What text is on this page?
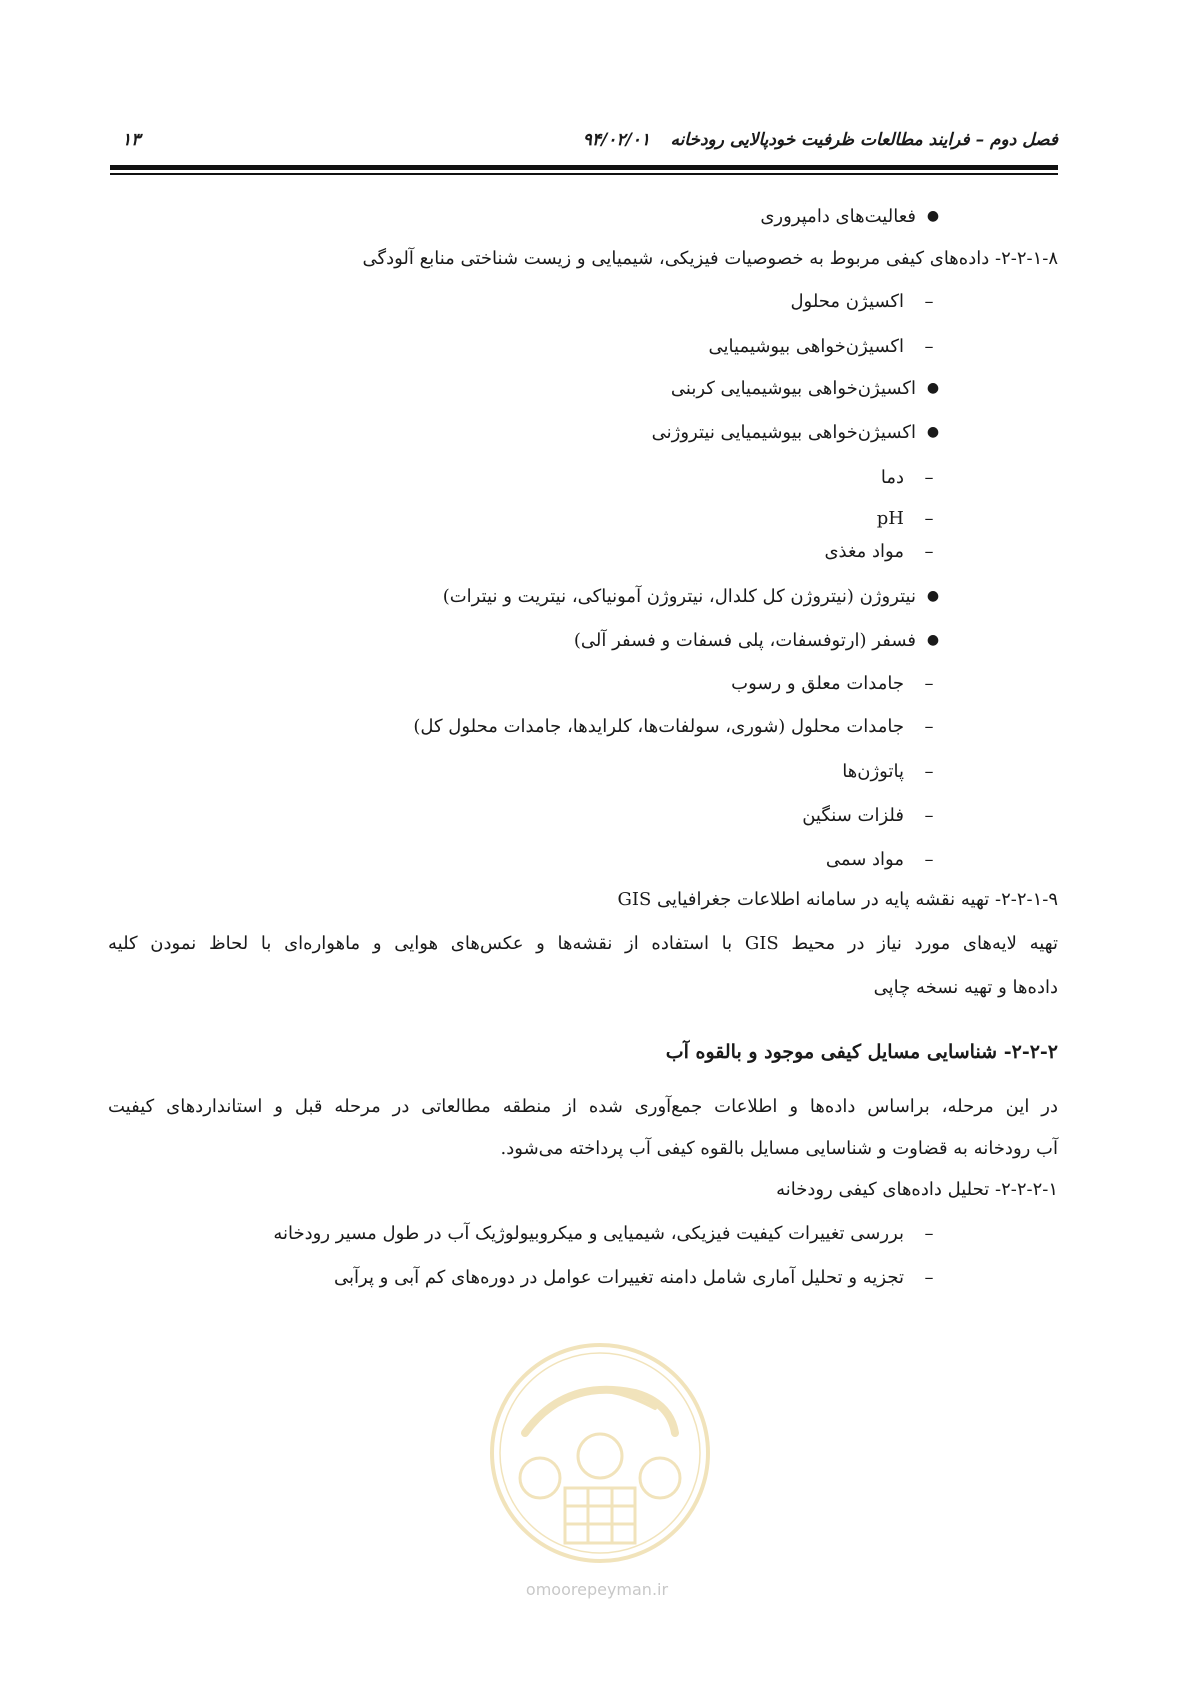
فصل دوم – فرایند مطالعات ظرفیت خودپالایی رودخانه
۹۴/۰۲/۰۱
۱۳
●فعالیت‌های دامپروری
۲-۲-۱-۸- داده‌های کیفی مربوط به خصوصیات فیزیکی، شیمیایی و زیست شناختی منابع آلودگی
–اکسیژن محلول
–اکسیژن‌خواهی بیوشیمیایی
●اکسیژن‌خواهی بیوشیمیایی کربنی
●اکسیژن‌خواهی بیوشیمیایی نیتروژنی
–دما
–pH
–مواد مغذی
●نیتروژن (نیتروژن کل کلدال، نیتروژن آمونیاکی، نیتریت و نیترات)
●فسفر (ارتوفسفات، پلی فسفات و فسفر آلی)
–جامدات معلق و رسوب
–جامدات محلول (شوری، سولفات‌ها، کلرایدها، جامدات محلول کل)
–پاتوژن‌ها
–فلزات سنگین
–مواد سمی
۲-۲-۱-۹- تهیه نقشه پایه در سامانه اطلاعات جغرافیایی GIS
تهیه لایه‌های مورد نیاز در محیط GIS با استفاده از نقشه‌ها و عکس‌های هوایی و ماهواره‌ای با لحاظ نمودن کلیه
داده‌ها و تهیه نسخه چاپی
۲-۲-۲- شناسایی مسایل کیفی موجود و بالقوه آب
در این مرحله، براساس داده‌ها و اطلاعات جمع‌آوری شده از منطقه مطالعاتی در مرحله قبل و استانداردهای کیفیت
آب رودخانه به قضاوت و شناسایی مسایل بالقوه کیفی آب پرداخته می‌شود.
۲-۲-۲-۱- تحلیل داده‌های کیفی رودخانه
–بررسی تغییرات کیفیت فیزیکی، شیمیایی و میکروبیولوژیک آب در طول مسیر رودخانه
–تجزیه و تحلیل آماری شامل دامنه تغییرات عوامل در دوره‌های کم آبی و پرآبی
omoorepeyman.ir
